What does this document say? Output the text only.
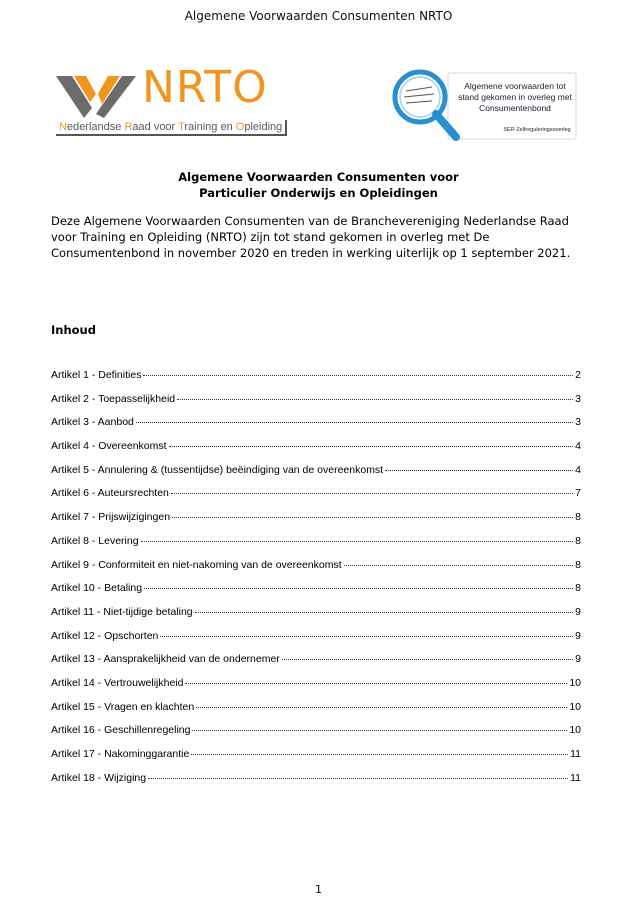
Algemene Voorwaarden Consumenten NRTO
NRTO
Nederlandse Raad voor Training en Opleiding
Algemene voorwaarden tot stand gekomen in overleg met Consumentenbond
SER Zelfreguleringsoverleg
Algemene Voorwaarden Consumenten voor
Particulier Onderwijs en Opleidingen
Deze Algemene Voorwaarden Consumenten van de Branchevereniging Nederlandse Raad voor Training en Opleiding (NRTO) zijn tot stand gekomen in overleg met De Consumentenbond in november 2020 en treden in werking uiterlijk op 1 september 2021.
Inhoud
Artikel 1 - Definities	2
Artikel 2 - Toepasselijkheid	3
Artikel 3 - Aanbod	3
Artikel 4 - Overeenkomst	4
Artikel 5 - Annulering & (tussentijdse) beëindiging van de overeenkomst	4
Artikel 6 - Auteursrechten	7
Artikel 7 - Prijswijzigingen	8
Artikel 8 - Levering	8
Artikel 9 - Conformiteit en niet-nakoming van de overeenkomst	8
Artikel 10 - Betaling	8
Artikel 11 - Niet-tijdige betaling	9
Artikel 12 - Opschorten	9
Artikel 13 - Aansprakelijkheid van de ondernemer	9
Artikel 14 - Vertrouwelijkheid	10
Artikel 15 - Vragen en klachten	10
Artikel 16 - Geschillenregeling	10
Artikel 17 - Nakominggarantie	11
Artikel 18 - Wijziging	11
1
